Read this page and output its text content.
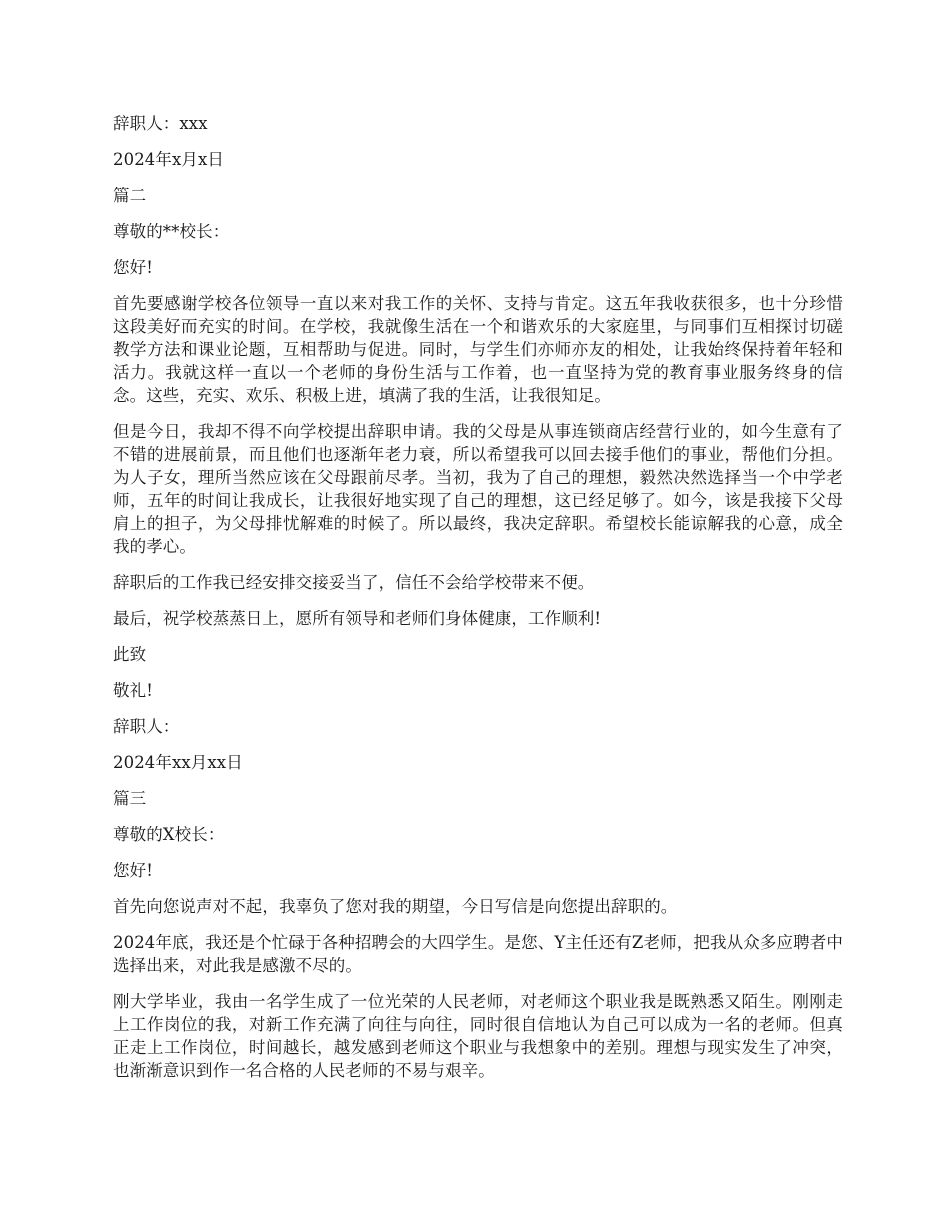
辞职人：xxx

2024年x月x日

篇二

尊敬的**校长：

您好!

首先要感谢学校各位领导一直以来对我工作的关怀、支持与肯定。这五年我收获很多，也十分珍惜这段美好而充实的时间。在学校，我就像生活在一个和谐欢乐的大家庭里，与同事们互相探讨切磋教学方法和课业论题，互相帮助与促进。同时，与学生们亦师亦友的相处，让我始终保持着年轻和活力。我就这样一直以一个老师的身份生活与工作着，也一直坚持为党的教育事业服务终身的信念。这些，充实、欢乐、积极上进，填满了我的生活，让我很知足。

但是今日，我却不得不向学校提出辞职申请。我的父母是从事连锁商店经营行业的，如今生意有了不错的进展前景，而且他们也逐渐年老力衰，所以希望我可以回去接手他们的事业，帮他们分担。为人子女，理所当然应该在父母跟前尽孝。当初，我为了自己的理想，毅然决然选择当一个中学老师，五年的时间让我成长，让我很好地实现了自己的理想，这已经足够了。如今，该是我接下父母肩上的担子，为父母排忧解难的时候了。所以最终，我决定辞职。希望校长能谅解我的心意，成全我的孝心。

辞职后的工作我已经安排交接妥当了，信任不会给学校带来不便。

最后，祝学校蒸蒸日上，愿所有领导和老师们身体健康，工作顺利!

此致

敬礼!

辞职人：

2024年xx月xx日

篇三

尊敬的X校长：

您好!

首先向您说声对不起，我辜负了您对我的期望，今日写信是向您提出辞职的。

2024年底，我还是个忙碌于各种招聘会的大四学生。是您、Y主任还有Z老师，把我从众多应聘者中选择出来，对此我是感激不尽的。

刚大学毕业，我由一名学生成了一位光荣的人民老师，对老师这个职业我是既熟悉又陌生。刚刚走上工作岗位的我，对新工作充满了向往与向往，同时很自信地认为自己可以成为一名的老师。但真正走上工作岗位，时间越长，越发感到老师这个职业与我想象中的差别。理想与现实发生了冲突，也渐渐意识到作一名合格的人民老师的不易与艰辛。
